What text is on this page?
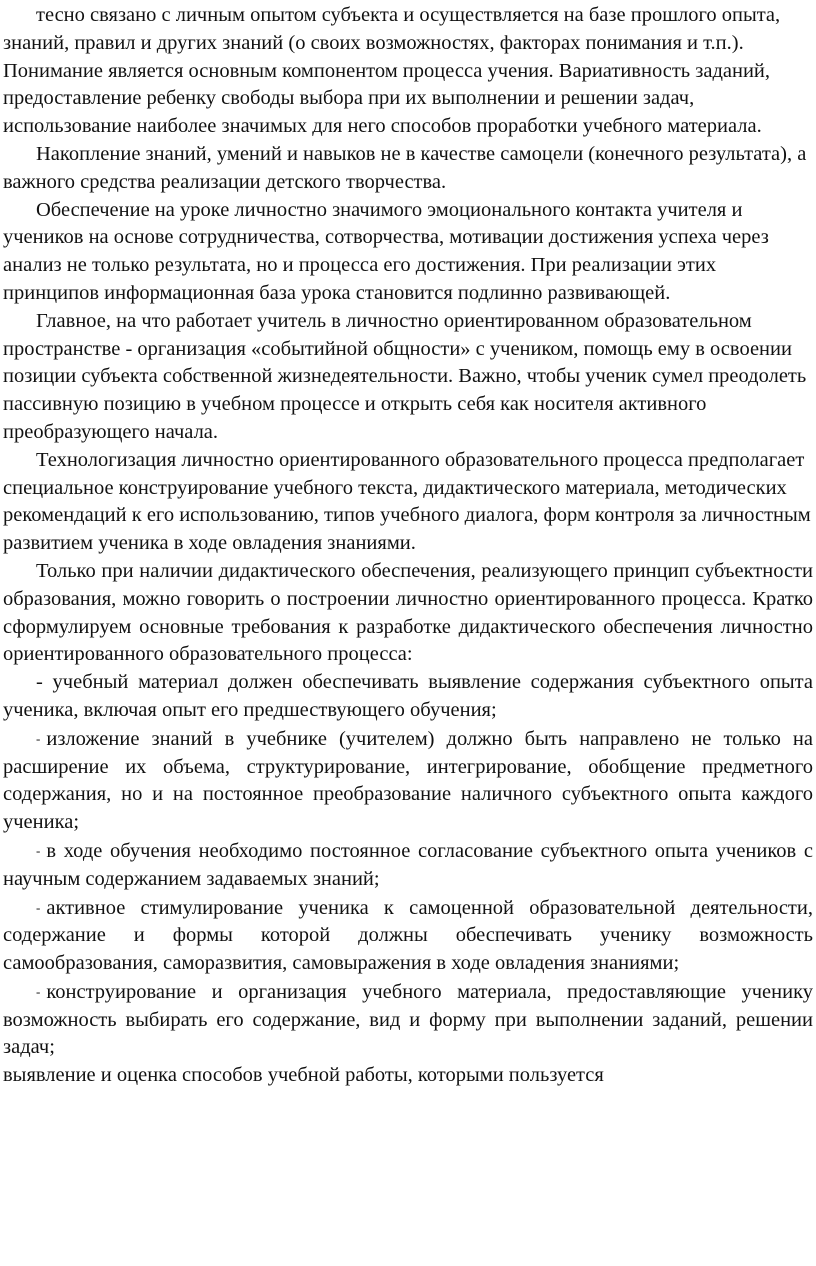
тесно связано с личным опытом субъекта и осуществляется на базе прошлого опыта, знаний, правил и других знаний (о своих возможностях, факторах понимания и т.п.). Понимание является основным компонентом процесса учения. Вариативность заданий, предоставление ребенку свободы выбора при их выполнении и решении задач, использование наиболее значимых для него способов проработки учебного материала.

Накопление знаний, умений и навыков не в качестве самоцели (конечного результата), а важного средства реализации детского творчества.

Обеспечение на уроке личностно значимого эмоционального контакта учителя и учеников на основе сотрудничества, сотворчества, мотивации достижения успеха через анализ не только результата, но и процесса его достижения. При реализации этих принципов информационная база урока становится подлинно развивающей.

Главное, на что работает учитель в личностно ориентированном образовательном пространстве - организация «событийной общности» с учеником, помощь ему в освоении позиции субъекта собственной жизнедеятельности. Важно, чтобы ученик сумел преодолеть пассивную позицию в учебном процессе и открыть себя как носителя активного преобразующего начала.

Технологизация личностно ориентированного образовательного процесса предполагает специальное конструирование учебного текста, дидактического материала, методических рекомендаций к его использованию, типов учебного диалога, форм контроля за личностным развитием ученика в ходе овладения знаниями.

Только при наличии дидактического обеспечения, реализующего принцип субъектности образования, можно говорить о построении личностно ориентированного процесса. Кратко сформулируем основные требования к разработке дидактического обеспечения личностно ориентированного образовательного процесса:

- учебный материал должен обеспечивать выявление содержания субъектного опыта ученика, включая опыт его предшествующего обучения;

- изложение знаний в учебнике (учителем) должно быть направлено не только на расширение их объема, структурирование, интегрирование, обобщение предметного содержания, но и на постоянное преобразование наличного субъектного опыта каждого ученика;

- в ходе обучения необходимо постоянное согласование субъектного опыта учеников с научным содержанием задаваемых знаний;

- активное стимулирование ученика к самоценной образовательной деятельности, содержание и формы которой должны обеспечивать ученику возможность самообразования, саморазвития, самовыражения в ходе овладения знаниями;

- конструирование и организация учебного материала, предоставляющие ученику возможность выбирать его содержание, вид и форму при выполнении заданий, решении задач;

выявление и оценка способов учебной работы, которыми пользуется
